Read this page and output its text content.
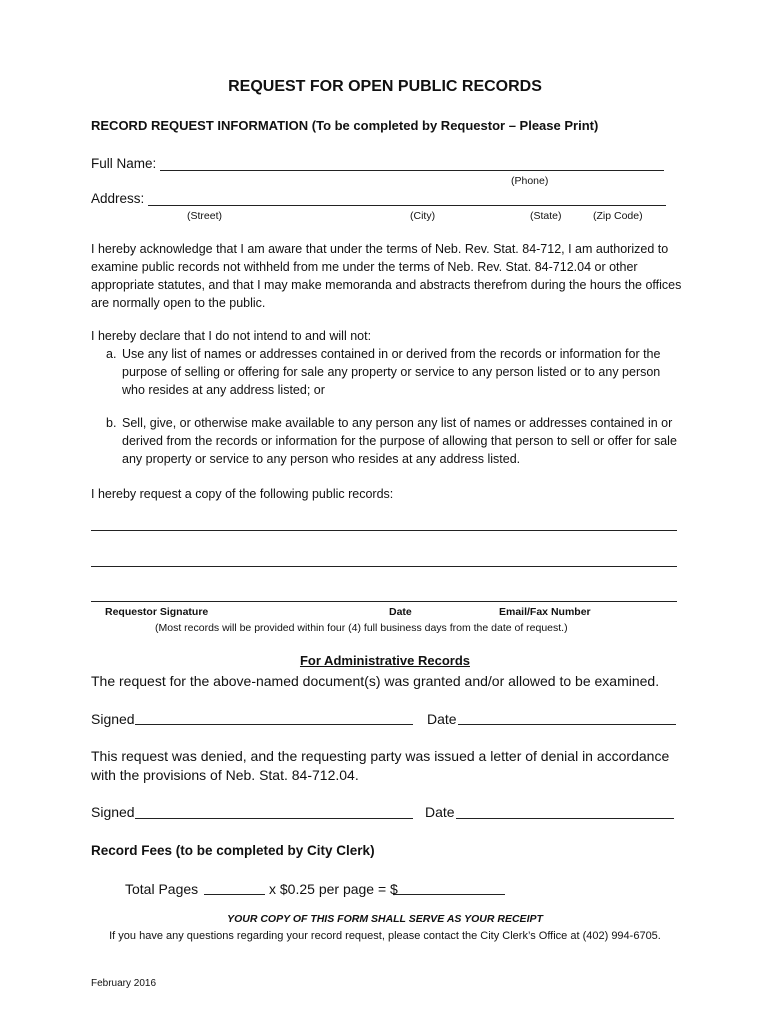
REQUEST FOR OPEN PUBLIC RECORDS
RECORD REQUEST INFORMATION (To be completed by Requestor – Please Print)
Full Name:
(Phone)
Address:
(Street)	(City)	(State)	(Zip Code)
I hereby acknowledge that I am aware that under the terms of Neb. Rev. Stat. 84-712, I am authorized to examine public records not withheld from me under the terms of Neb. Rev. Stat. 84-712.04 or other appropriate statutes, and that I may make memoranda and abstracts therefrom during the hours the offices are normally open to the public.
I hereby declare that I do not intend to and will not:
a. Use any list of names or addresses contained in or derived from the records or information for the purpose of selling or offering for sale any property or service to any person listed or to any person who resides at any address listed; or
b. Sell, give, or otherwise make available to any person any list of names or addresses contained in or derived from the records or information for the purpose of allowing that person to sell or offer for sale any property or service to any person who resides at any address listed.
I hereby request a copy of the following public records:
Requestor Signature	Date	Email/Fax Number
(Most records will be provided within four (4) full business days from the date of request.)
For Administrative Records
The request for the above-named document(s) was granted and/or allowed to be examined.
Signed	Date
This request was denied, and the requesting party was issued a letter of denial in accordance with the provisions of Neb. Stat. 84-712.04.
Signed	Date
Record Fees (to be completed by City Clerk)
Total Pages	x $0.25 per page = $
YOUR COPY OF THIS FORM SHALL SERVE AS YOUR RECEIPT
If you have any questions regarding your record request, please contact the City Clerk’s Office at (402) 994-6705.
February 2016
